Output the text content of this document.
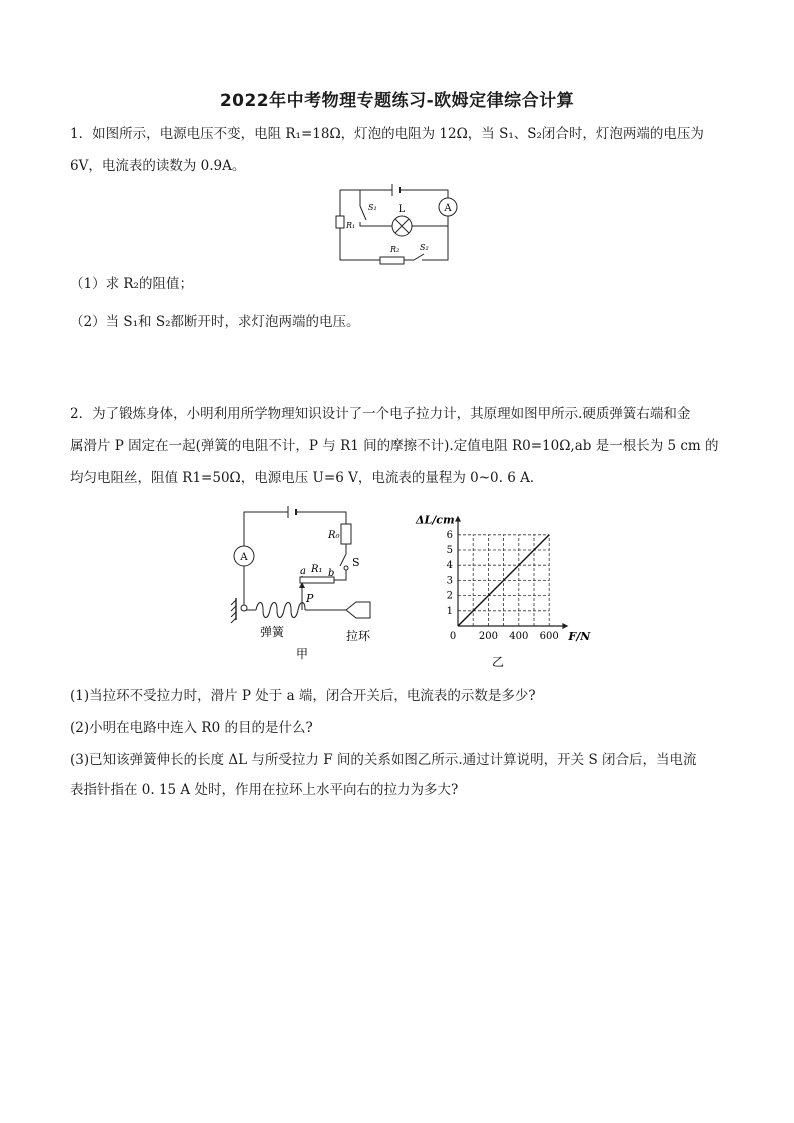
2022年中考物理专题练习-欧姆定律综合计算
1．如图所示，电源电压不变，电阻 R₁=18Ω，灯泡的电阻为 12Ω，当 S₁、S₂闭合时，灯泡两端的电压为
6V，电流表的读数为 0.9A。
A
L
R₁
R₂
S₁
S₂
（1）求 R₂的阻值；
（2）当 S₁和 S₂都断开时，求灯泡两端的电压。
2．为了锻炼身体，小明利用所学物理知识设计了一个电子拉力计，其原理如图甲所示.硬质弹簧右端和金
属滑片 P 固定在一起(弹簧的电阻不计，P 与 R1 间的摩擦不计).定值电阻 R0=10Ω,ab 是一根长为 5 cm 的
均匀电阻丝，阻值 R1=50Ω，电源电压 U=6 V，电流表的量程为 0~0. 6 A．
A
R₀
S
a R₁ b
P
弹簧	拉环
甲
乙
200 400 600
1
2
3
4
5
6
0	F/N
ΔL/cm
(1)当拉环不受拉力时，滑片 P 处于 a 端，闭合开关后，电流表的示数是多少?
(2)小明在电路中连入 R0 的目的是什么?
(3)已知该弹簧伸长的长度 ΔL 与所受拉力 F 间的关系如图乙所示.通过计算说明，开关 S 闭合后，当电流
表指针指在 0. 15 A 处时，作用在拉环上水平向右的拉力为多大?
